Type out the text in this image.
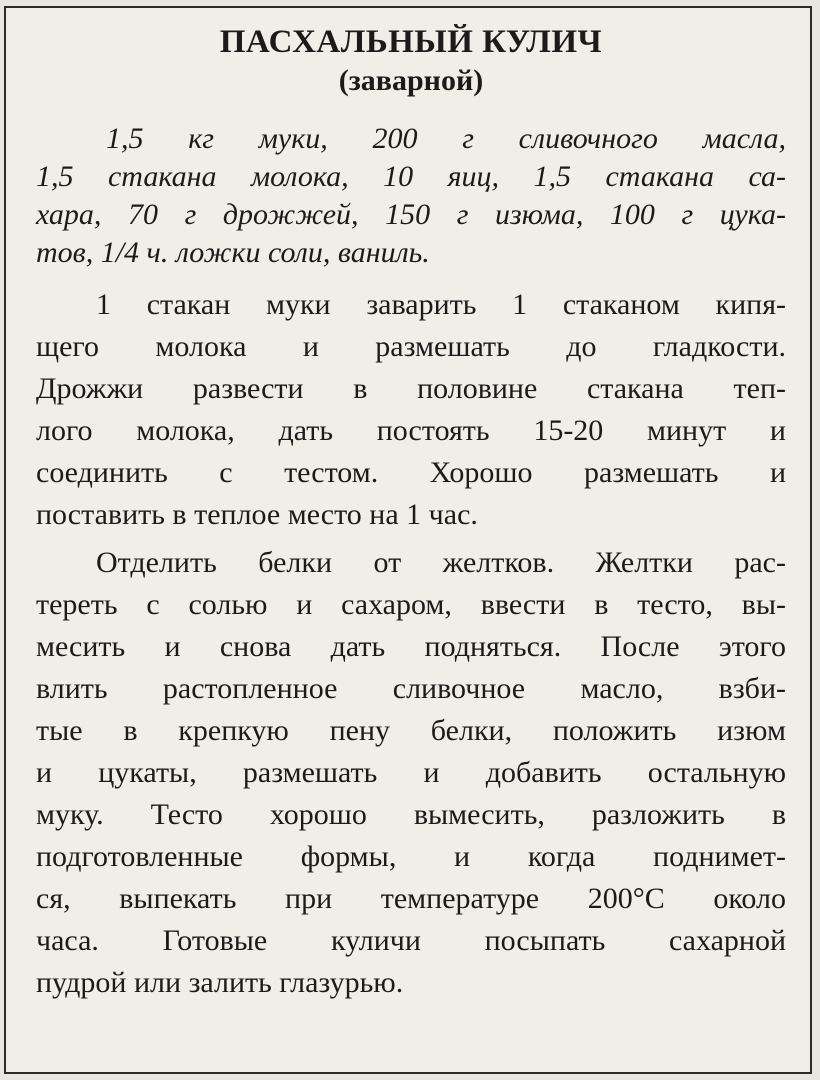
ПАСХАЛЬНЫЙ КУЛИЧ
(заварной)
1,5 кг муки, 200 г сливочного масла,
1,5 стакана молока, 10 яиц, 1,5 стакана са-
хара, 70 г дрожжей, 150 г изюма, 100 г цука-
тов, 1/4 ч. ложки соли, ваниль.
1 стакан муки заварить 1 стаканом кипя-
щего молока и размешать до гладкости.
Дрожжи развести в половине стакана теп-
лого молока, дать постоять 15-20 минут и
соединить с тестом. Хорошо размешать и
поставить в теплое место на 1 час.
Отделить белки от желтков. Желтки рас-
тереть с солью и сахаром, ввести в тесто, вы-
месить и снова дать подняться. После этого
влить растопленное сливочное масло, взби-
тые в крепкую пену белки, положить изюм
и цукаты, размешать и добавить остальную
муку. Тесто хорошо вымесить, разложить в
подготовленные формы, и когда поднимет-
ся, выпекать при температуре 200°C около
часа. Готовые куличи посыпать сахарной
пудрой или залить глазурью.
